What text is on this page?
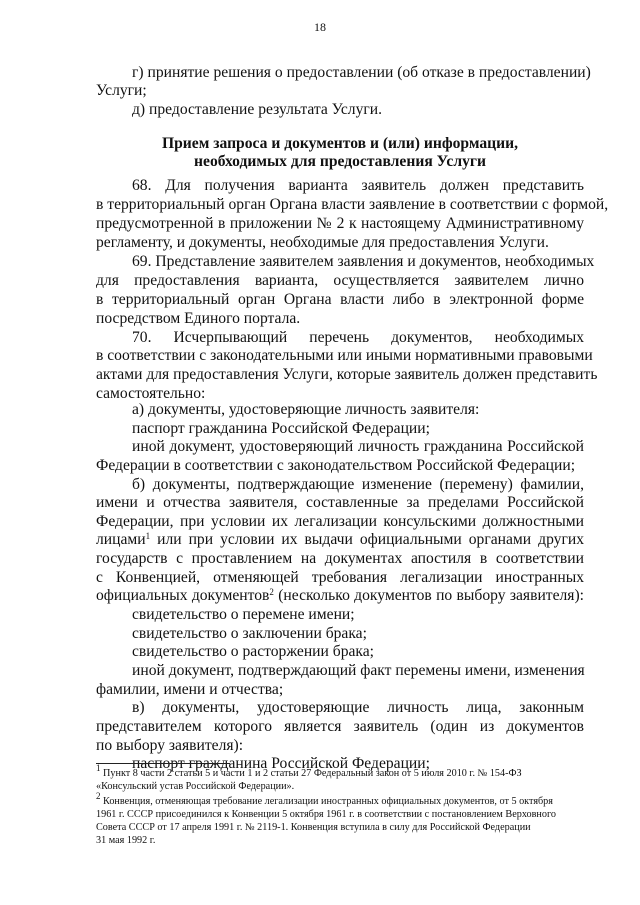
18
г) принятие решения о предоставлении (об отказе в предоставлении)
Услуги;
д) предоставление результата Услуги.
68. Для получения варианта заявитель должен представить
в территориальный орган Органа власти заявление в соответствии с формой,
предусмотренной в приложении № 2 к настоящему Административному
регламенту, и документы, необходимые для предоставления Услуги.
69. Представление заявителем заявления и документов, необходимых
для предоставления варианта, осуществляется заявителем лично
в территориальный орган Органа власти либо в электронной форме
посредством Единого портала.
70. Исчерпывающий перечень документов, необходимых
в соответствии с законодательными или иными нормативными правовыми
актами для предоставления Услуги, которые заявитель должен представить
самостоятельно:
а) документы, удостоверяющие личность заявителя:
паспорт гражданина Российской Федерации;
иной документ, удостоверяющий личность гражданина Российской
Федерации в соответствии с законодательством Российской Федерации;
б) документы, подтверждающие изменение (перемену) фамилии,
имени и отчества заявителя, составленные за пределами Российской
Федерации, при условии их легализации консульскими должностными
лицами$^1$ или при условии их выдачи официальными органами других
государств с проставлением на документах апостиля в соответствии
с Конвенцией, отменяющей требования легализации иностранных
официальных документов$^2$ (несколько документов по выбору заявителя):
свидетельство о перемене имени;
свидетельство о заключении брака;
свидетельство о расторжении брака;
иной документ, подтверждающий факт перемены имени, изменения
фамилии, имени и отчества;
в) документы, удостоверяющие личность лица, законным
представителем которого является заявитель (один из документов
по выбору заявителя):
паспорт гражданина Российской Федерации;
Прием запроса и документов и (или) информации,
необходимых для предоставления Услуги
$^1$ Пункт 8 части 2 статьи 5 и части 1 и 2 статьи 27 Федеральный закон от 5 июля 2010 г. № 154-ФЗ
«Консульский устав Российской Федерации».
$^2$ Конвенция, отменяющая требование легализации иностранных официальных документов, от 5 октября
1961 г. СССР присоединился к Конвенции 5 октября 1961 г. в соответствии с постановлением Верховного
Совета СССР от 17 апреля 1991 г. № 2119-1. Конвенция вступила в силу для Российской Федерации
31 мая 1992 г.
